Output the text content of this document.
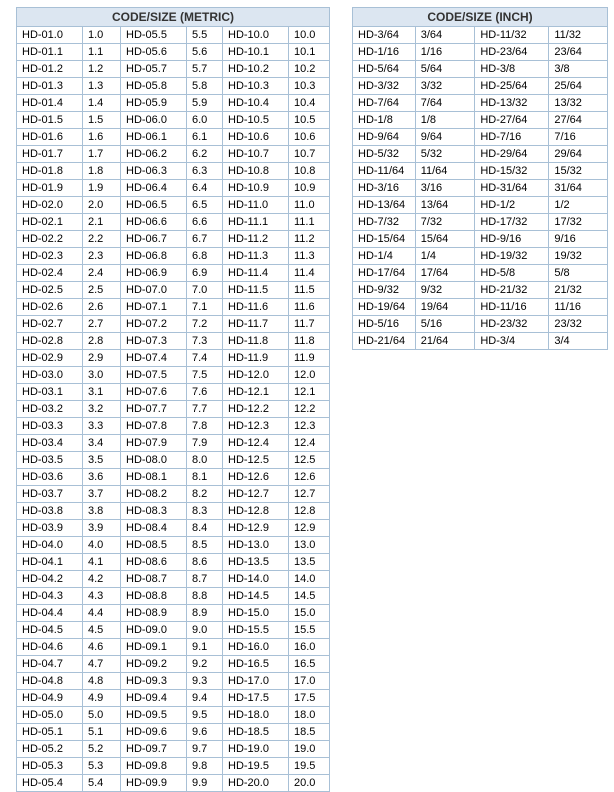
CODE/SIZE (METRIC)					
HD-01.0	1.0	HD-05.5	5.5	HD-10.0	10.0
HD-01.1	1.1	HD-05.6	5.6	HD-10.1	10.1
HD-01.2	1.2	HD-05.7	5.7	HD-10.2	10.2
HD-01.3	1.3	HD-05.8	5.8	HD-10.3	10.3
HD-01.4	1.4	HD-05.9	5.9	HD-10.4	10.4
HD-01.5	1.5	HD-06.0	6.0	HD-10.5	10.5
HD-01.6	1.6	HD-06.1	6.1	HD-10.6	10.6
HD-01.7	1.7	HD-06.2	6.2	HD-10.7	10.7
HD-01.8	1.8	HD-06.3	6.3	HD-10.8	10.8
HD-01.9	1.9	HD-06.4	6.4	HD-10.9	10.9
HD-02.0	2.0	HD-06.5	6.5	HD-11.0	11.0
HD-02.1	2.1	HD-06.6	6.6	HD-11.1	11.1
HD-02.2	2.2	HD-06.7	6.7	HD-11.2	11.2
HD-02.3	2.3	HD-06.8	6.8	HD-11.3	11.3
HD-02.4	2.4	HD-06.9	6.9	HD-11.4	11.4
HD-02.5	2.5	HD-07.0	7.0	HD-11.5	11.5
HD-02.6	2.6	HD-07.1	7.1	HD-11.6	11.6
HD-02.7	2.7	HD-07.2	7.2	HD-11.7	11.7
HD-02.8	2.8	HD-07.3	7.3	HD-11.8	11.8
HD-02.9	2.9	HD-07.4	7.4	HD-11.9	11.9
HD-03.0	3.0	HD-07.5	7.5	HD-12.0	12.0
HD-03.1	3.1	HD-07.6	7.6	HD-12.1	12.1
HD-03.2	3.2	HD-07.7	7.7	HD-12.2	12.2
HD-03.3	3.3	HD-07.8	7.8	HD-12.3	12.3
HD-03.4	3.4	HD-07.9	7.9	HD-12.4	12.4
HD-03.5	3.5	HD-08.0	8.0	HD-12.5	12.5
HD-03.6	3.6	HD-08.1	8.1	HD-12.6	12.6
HD-03.7	3.7	HD-08.2	8.2	HD-12.7	12.7
HD-03.8	3.8	HD-08.3	8.3	HD-12.8	12.8
HD-03.9	3.9	HD-08.4	8.4	HD-12.9	12.9
HD-04.0	4.0	HD-08.5	8.5	HD-13.0	13.0
HD-04.1	4.1	HD-08.6	8.6	HD-13.5	13.5
HD-04.2	4.2	HD-08.7	8.7	HD-14.0	14.0
HD-04.3	4.3	HD-08.8	8.8	HD-14.5	14.5
HD-04.4	4.4	HD-08.9	8.9	HD-15.0	15.0
HD-04.5	4.5	HD-09.0	9.0	HD-15.5	15.5
HD-04.6	4.6	HD-09.1	9.1	HD-16.0	16.0
HD-04.7	4.7	HD-09.2	9.2	HD-16.5	16.5
HD-04.8	4.8	HD-09.3	9.3	HD-17.0	17.0
HD-04.9	4.9	HD-09.4	9.4	HD-17.5	17.5
HD-05.0	5.0	HD-09.5	9.5	HD-18.0	18.0
HD-05.1	5.1	HD-09.6	9.6	HD-18.5	18.5
HD-05.2	5.2	HD-09.7	9.7	HD-19.0	19.0
HD-05.3	5.3	HD-09.8	9.8	HD-19.5	19.5
HD-05.4	5.4	HD-09.9	9.9	HD-20.0	20.0
CODE/SIZE (INCH)			
HD-3/64	3/64	HD-11/32	11/32
HD-1/16	1/16	HD-23/64	23/64
HD-5/64	5/64	HD-3/8	3/8
HD-3/32	3/32	HD-25/64	25/64
HD-7/64	7/64	HD-13/32	13/32
HD-1/8	1/8	HD-27/64	27/64
HD-9/64	9/64	HD-7/16	7/16
HD-5/32	5/32	HD-29/64	29/64
HD-11/64	11/64	HD-15/32	15/32
HD-3/16	3/16	HD-31/64	31/64
HD-13/64	13/64	HD-1/2	1/2
HD-7/32	7/32	HD-17/32	17/32
HD-15/64	15/64	HD-9/16	9/16
HD-1/4	1/4	HD-19/32	19/32
HD-17/64	17/64	HD-5/8	5/8
HD-9/32	9/32	HD-21/32	21/32
HD-19/64	19/64	HD-11/16	11/16
HD-5/16	5/16	HD-23/32	23/32
HD-21/64	21/64	HD-3/4	3/4
